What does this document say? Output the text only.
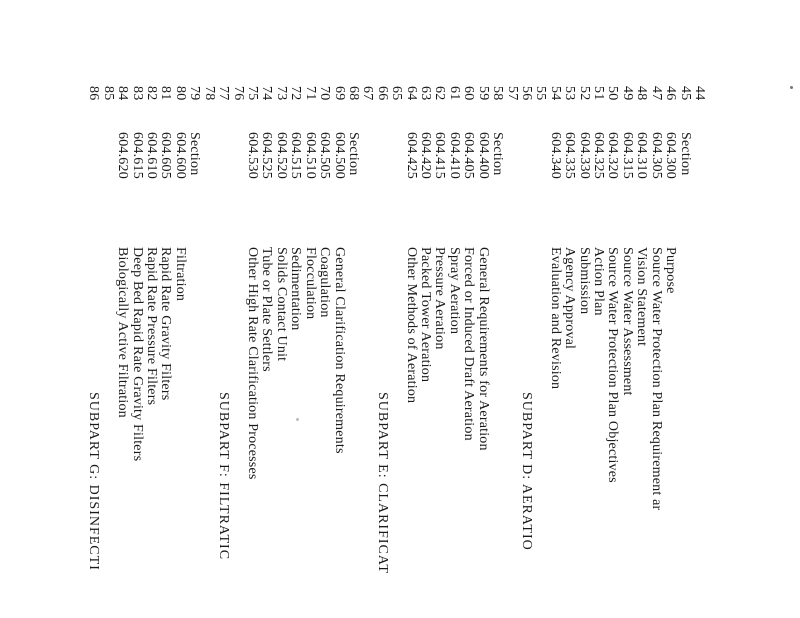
44
45
Section
46
604.300
Purpose
47
604.305
Source Water Protection Plan Requirement ar
48
604.310
Vision Statement
49
604.315
Source Water Assessment
50
604.320
Source Water Protection Plan Objectives
51
604.325
Action Plan
52
604.330
Submission
53
604.335
Agency Approval
54
604.340
Evaluation and Revision
55
56
SUBPART D: AERATIO
57
58
Section
59
604.400
General Requirements for Aeration
60
604.405
Forced or Induced Draft Aeration
61
604.410
Spray Aeration
62
604.415
Pressure Aeration
63
604.420
Packed Tower Aeration
64
604.425
Other Methods of Aeration
65
66
SUBPART E: CLARIFICAT
67
68
Section
69
604.500
General Clarification Requirements
70
604.505
Coagulation
71
604.510
Flocculation
72
604.515
Sedimentation
73
604.520
Solids Contact Unit
74
604.525
Tube or Plate Settlers
75
604.530
Other High Rate Clarification Processes
76
77
SUBPART F: FILTRATIC
78
79
Section
80
604.600
Filtration
81
604.605
Rapid Rate Gravity Filters
82
604.610
Rapid Rate Pressure Filters
83
604.615
Deep Bed Rapid Rate Gravity Filters
84
604.620
Biologically Active Filtration
85
86
SUBPART G: DISINFECTI
